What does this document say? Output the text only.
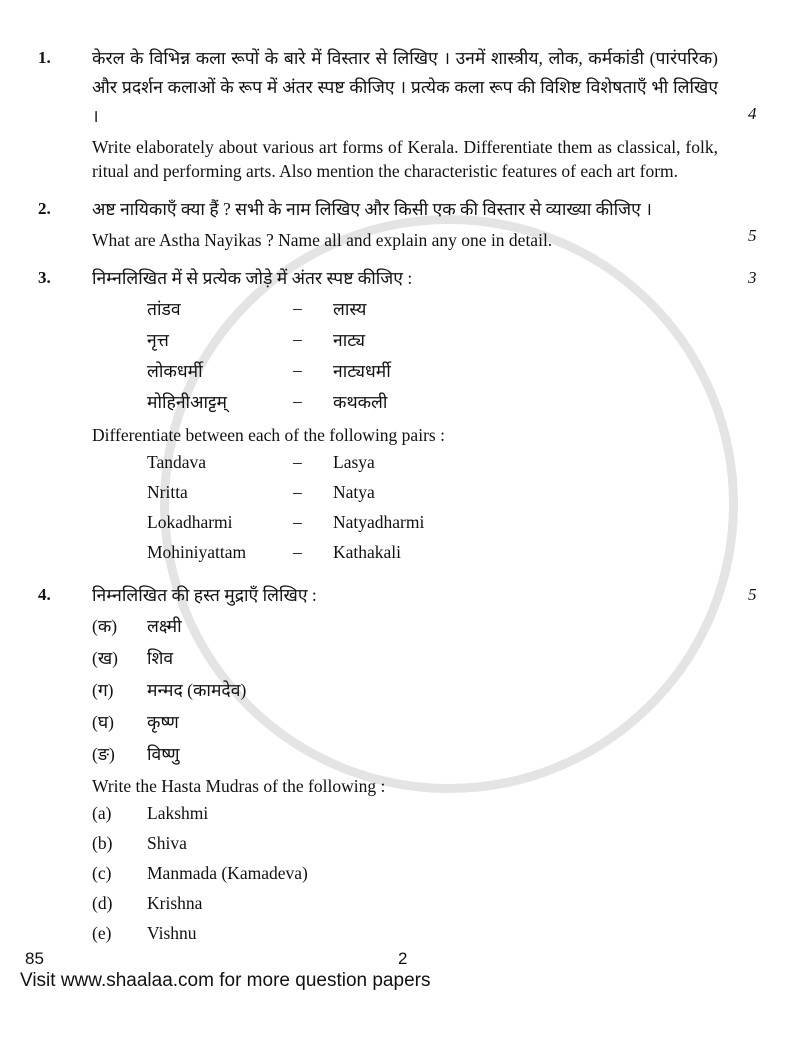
1. केरल के विभिन्न कला रूपों के बारे में विस्तार से लिखिए । उनमें शास्त्रीय, लोक, कर्मकांडी (पारंपरिक) और प्रदर्शन कलाओं के रूप में अंतर स्पष्ट कीजिए । प्रत्येक कला रूप की विशिष्ट विशेषताएँ भी लिखिए ।
Write elaborately about various art forms of Kerala. Differentiate them as classical, folk, ritual and performing arts. Also mention the characteristic features of each art form.
4
2. अष्ट नायिकाएँ क्या हैं ? सभी के नाम लिखिए और किसी एक की विस्तार से व्याख्या कीजिए ।
What are Astha Nayikas ? Name all and explain any one in detail.	5
3. निम्नलिखित में से प्रत्येक जोड़े में अंतर स्पष्ट कीजिए :
तांडव	–	लास्य
नृत्त	–	नाट्य
लोकधर्मी	–	नाट्यधर्मी
मोहिनीआट्टम्	–	कथकली
Differentiate between each of the following pairs :
Tandava	–	Lasya
Nritta	–	Natya
Lokadharmi	–	Natyadharmi
Mohiniyattam	–	Kathakali
3
4. निम्नलिखित की हस्त मुद्राएँ लिखिए :
(क)	लक्ष्मी
(ख)	शिव
(ग)	मन्मद (कामदेव)
(घ)	कृष्ण
(ङ)	विष्णु
Write the Hasta Mudras of the following :
(a)	Lakshmi
(b)	Shiva
(c)	Manmada (Kamadeva)
(d)	Krishna
(e)	Vishnu
5
85	2
Visit www.shaalaa.com for more question papers
